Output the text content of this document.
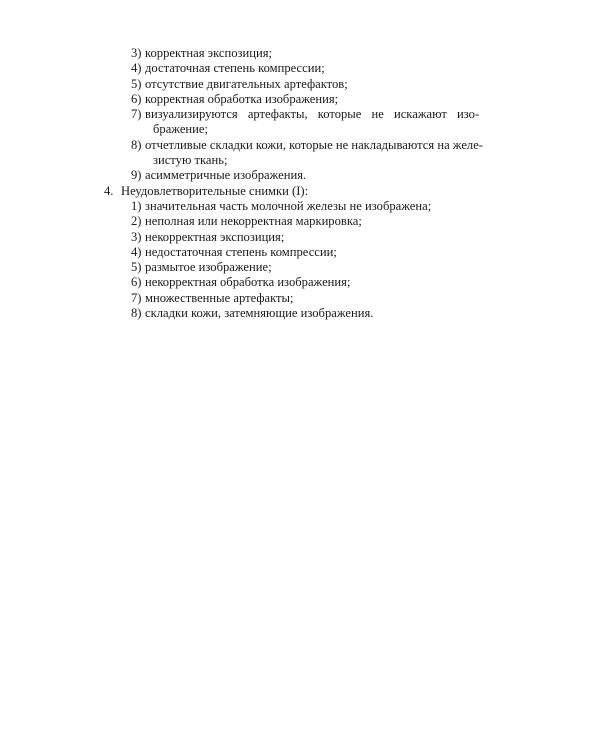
3) корректная экспозиция;
4) достаточная степень компрессии;
5) отсутствие двигательных артефактов;
6) корректная обработка изображения;
7) визуализируются артефакты, которые не искажают изо-
бражение;
8) отчетливые складки кожи, которые не накладываются на желе-
зистую ткань;
9) асимметричные изображения.
4. Неудовлетворительные снимки (I):
1) значительная часть молочной железы не изображена;
2) неполная или некорректная маркировка;
3) некорректная экспозиция;
4) недостаточная степень компрессии;
5) размытое изображение;
6) некорректная обработка изображения;
7) множественные артефакты;
8) складки кожи, затемняющие изображения.
